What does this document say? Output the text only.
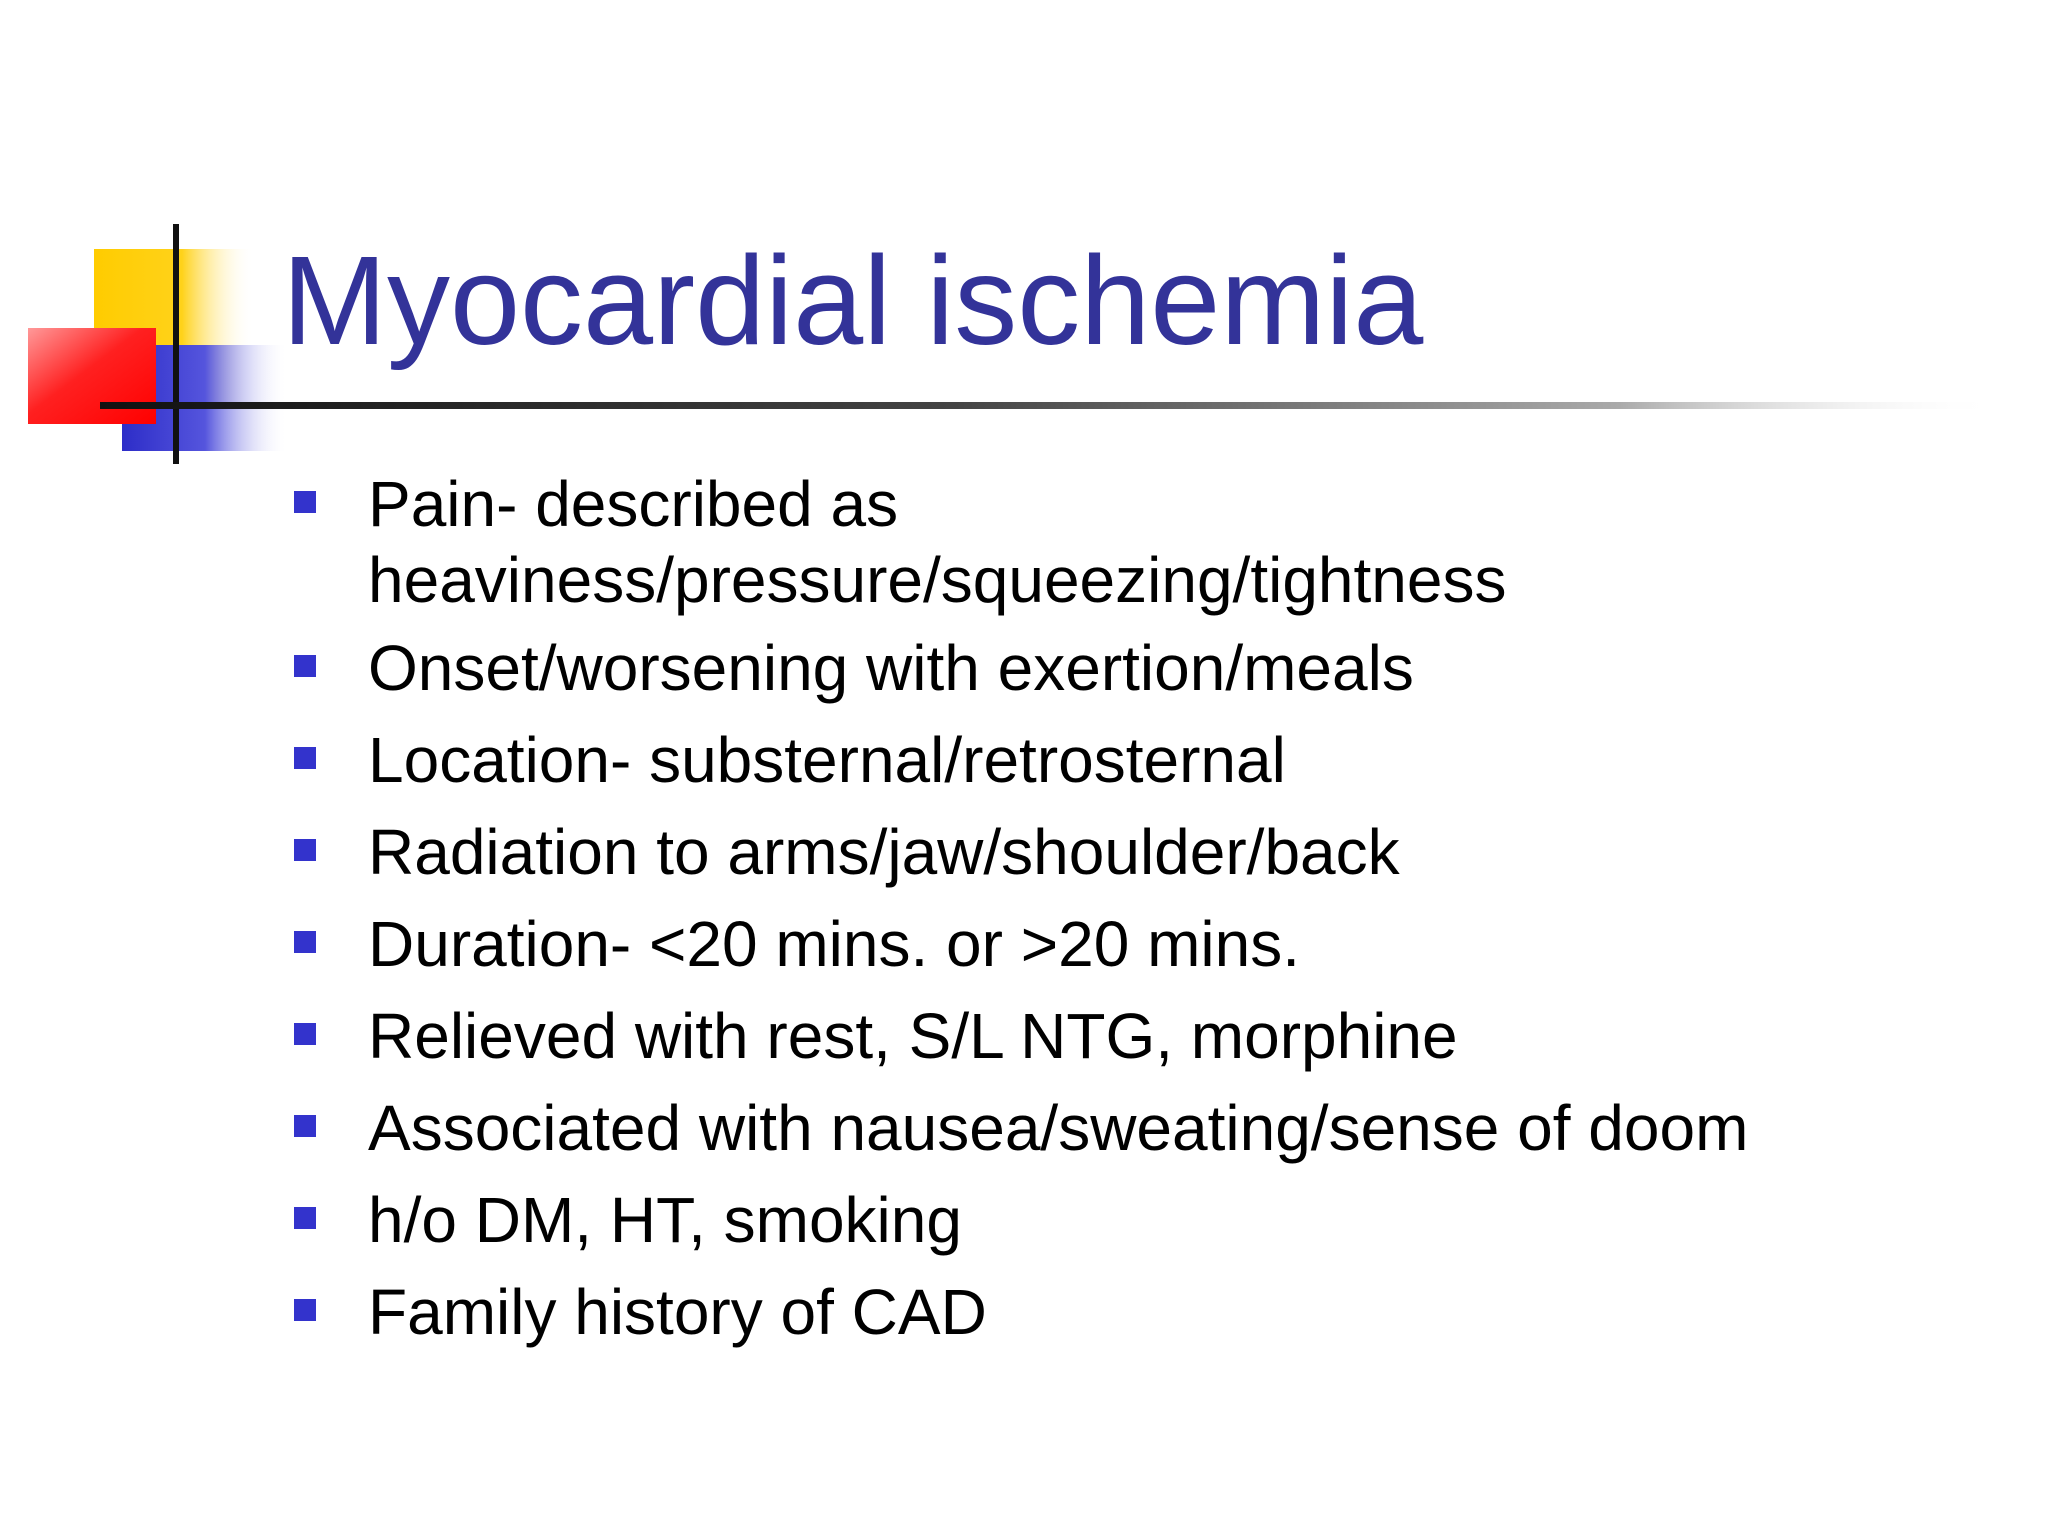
Myocardial ischemia
Pain- described as
heaviness/pressure/squeezing/tightness
Onset/worsening with exertion/meals
Location- substernal/retrosternal
Radiation to arms/jaw/shoulder/back
Duration- <20 mins. or >20 mins.
Relieved with rest, S/L NTG, morphine
Associated with nausea/sweating/sense of doom
h/o DM, HT, smoking
Family history of CAD
